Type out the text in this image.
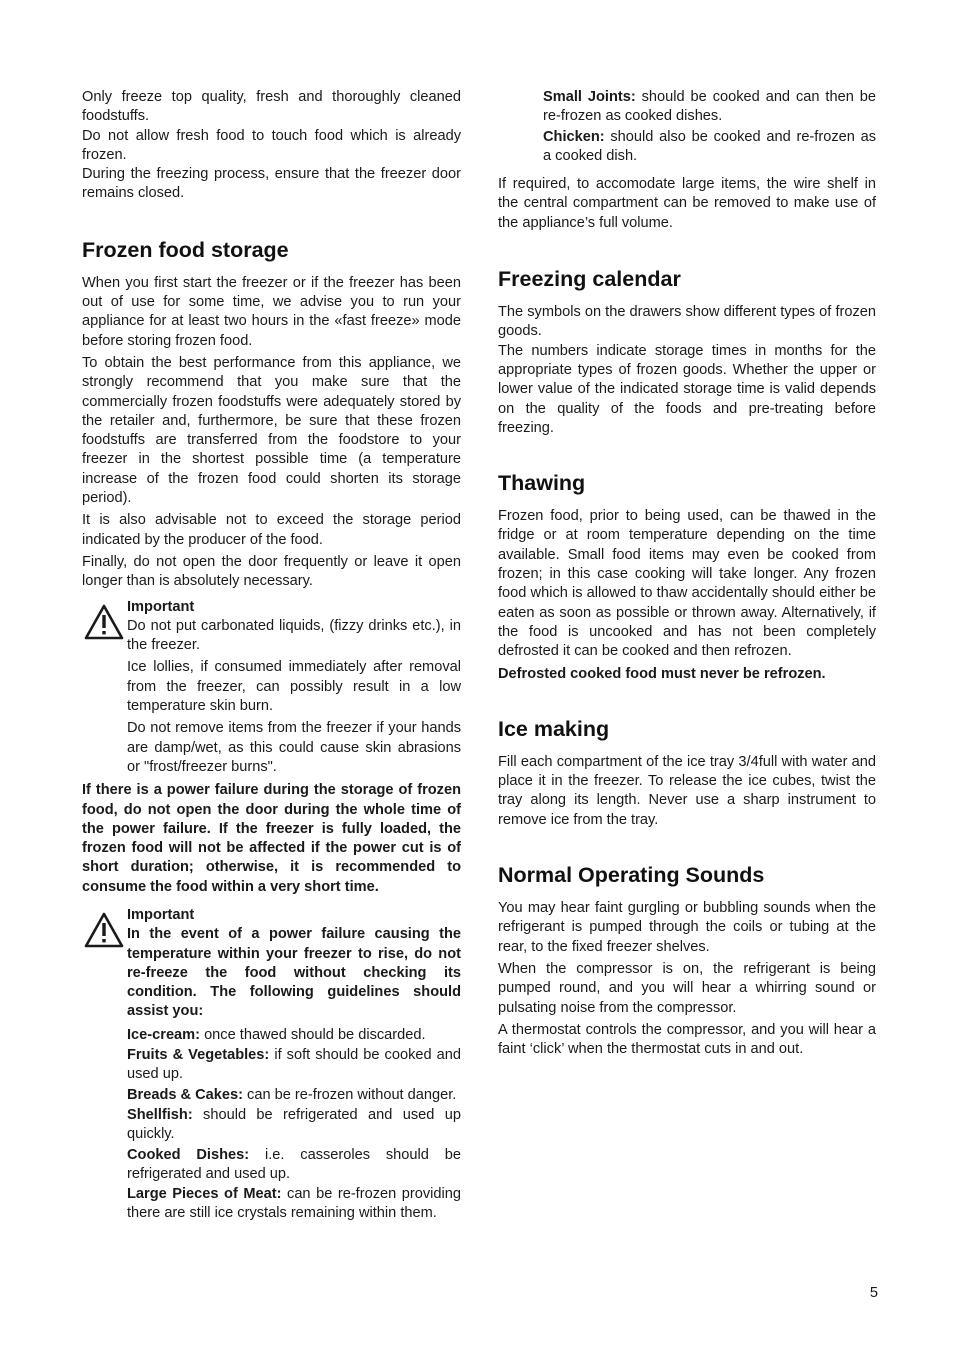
Only freeze top quality, fresh and thoroughly cleaned foodstuffs.

Do not allow fresh food to touch food which is already frozen.

During the freezing process, ensure that the freezer door remains closed.

Frozen food storage

When you first start the freezer or if the freezer has been out of use for some time, we advise you to run your appliance for at least two hours in the «fast freeze» mode before storing frozen food.

To obtain the best performance from this appliance, we strongly recommend that you make sure that the commercially frozen foodstuffs were adequately stored by the retailer and, furthermore, be sure that these frozen foodstuffs are transferred from the foodstore to your freezer in the shortest possible time (a temperature increase of the frozen food could shorten its storage period).

It is also advisable not to exceed the storage period indicated by the producer of the food.

Finally, do not open the door frequently or leave it open longer than is absolutely necessary.

Important

Do not put carbonated liquids, (fizzy drinks etc.), in the freezer.

Ice lollies, if consumed immediately after removal from the freezer, can possibly result in a low temperature skin burn.

Do not remove items from the freezer if your hands are damp/wet, as this could cause skin abrasions or "frost/freezer burns".

If there is a power failure during the storage of frozen food, do not open the door during the whole time of the power failure. If the freezer is fully loaded, the frozen food will not be affected if the power cut is of short duration; otherwise, it is recommended to consume the food within a very short time.

Important

In the event of a power failure causing the temperature within your freezer to rise, do not re-freeze the food without checking its condition. The following guidelines should assist you:

Ice-cream: once thawed should be discarded.

Fruits & Vegetables: if soft should be cooked and used up.

Breads & Cakes: can be re-frozen without danger.

Shellfish: should be refrigerated and used up quickly.

Cooked Dishes: i.e. casseroles should be refrigerated and used up.

Large Pieces of Meat: can be re-frozen providing there are still ice crystals remaining within them.

Small Joints: should be cooked and can then be re-frozen as cooked dishes.

Chicken: should also be cooked and re-frozen as a cooked dish.

If required, to accomodate large items, the wire shelf in the central compartment can be removed to make use of the appliance’s full volume.

Freezing calendar

The symbols on the drawers show different types of frozen goods.

The numbers indicate storage times in months for the appropriate types of frozen goods. Whether the upper or lower value of the indicated storage time is valid depends on the quality of the foods and pre-treating before freezing.

Thawing

Frozen food, prior to being used, can be thawed in the fridge or at room temperature depending on the time available. Small food items may even be cooked from frozen; in this case cooking will take longer. Any frozen food which is allowed to thaw accidentally should either be eaten as soon as possible or thrown away. Alternatively, if the food is uncooked and has not been completely defrosted it can be cooked and then refrozen.

Defrosted cooked food must never be refrozen.

Ice making

Fill each compartment of the ice tray 3/4full with water and place it in the freezer. To release the ice cubes, twist the tray along its length. Never use a sharp instrument to remove ice from the tray.

Normal Operating Sounds

You may hear faint gurgling or bubbling sounds when the refrigerant is pumped through the coils or tubing at the rear, to the fixed freezer shelves.

When the compressor is on, the refrigerant is being pumped round, and you will hear a whirring sound or pulsating noise from the compressor.

A thermostat controls the compressor, and you will hear a faint ‘click’ when the thermostat cuts in and out.

5
